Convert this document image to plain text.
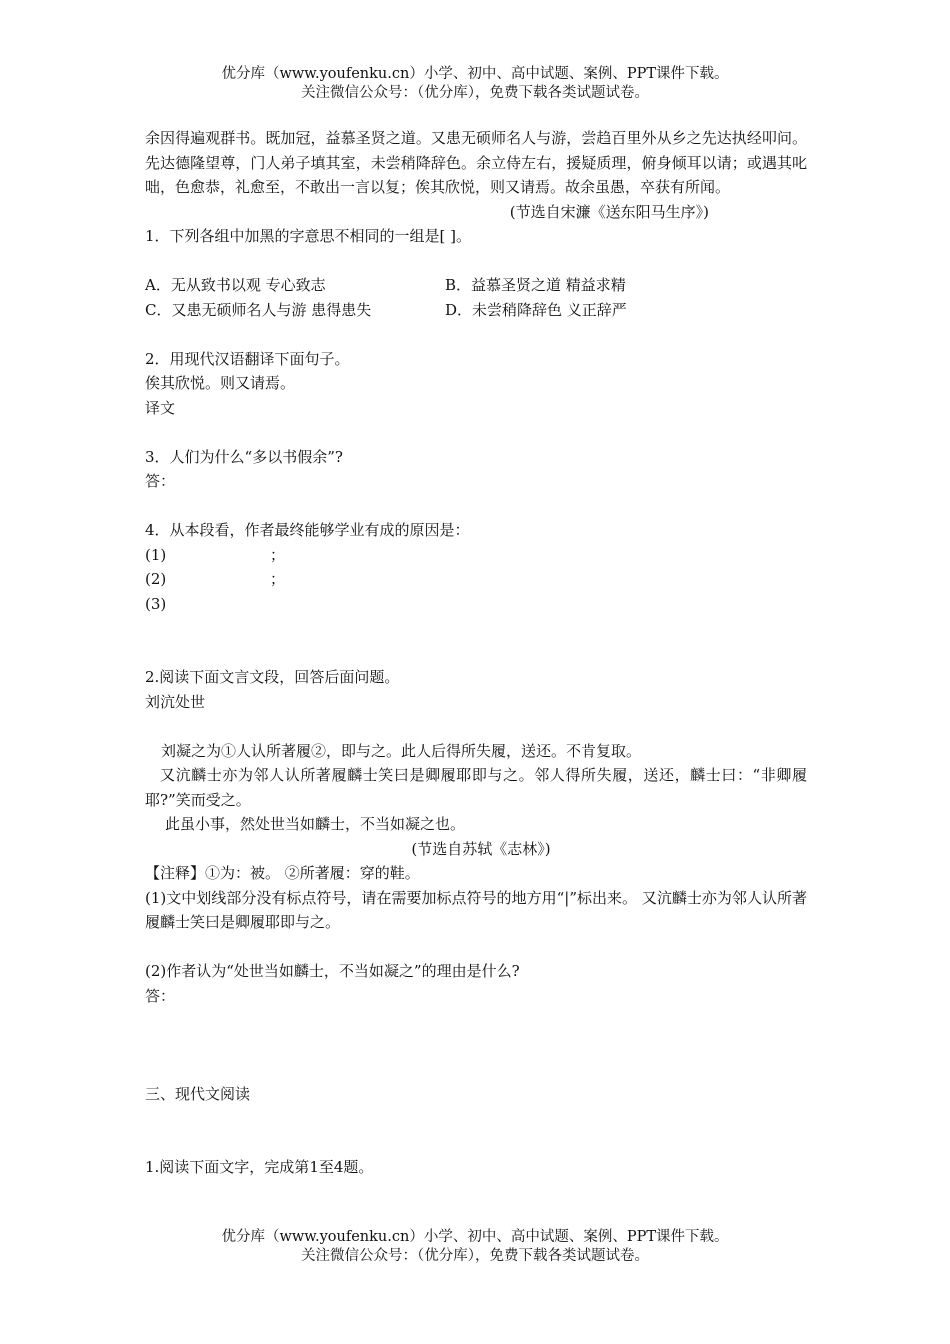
优分库（www.youfenku.cn）小学、初中、高中试题、案例、PPT课件下载。
关注微信公众号：（优分库），免费下载各类试题试卷。

余因得遍观群书。既加冠，益慕圣贤之道。又患无硕师名人与游，尝趋百里外从乡之先达执经叩问。先达德隆望尊，门人弟子填其室，未尝稍降辞色。余立侍左右，援疑质理，俯身倾耳以请；或遇其叱咄，色愈恭，礼愈至，不敢出一言以复；俟其欣悦，则又请焉。故余虽愚，卒获有所闻。

(节选自宋濂《送东阳马生序》)
1．下列各组中加黑的字意思不相同的一组是[ ]。
A．无从致书以观 专心致志	B．益慕圣贤之道 精益求精
C．又患无硕师名人与游 患得患失	D．未尝稍降辞色 义正辞严
2．用现代汉语翻译下面句子。
俟其欣悦。则又请焉。
译文
3．人们为什么“多以书假余”?
答：
4．从本段看，作者最终能够学业有成的原因是：
(1)	；
(2)	；
(3)
2.阅读下面文言文段，回答后面问题。
刘沆处世
刘凝之为①人认所著履②，即与之。此人后得所失履，送还。不肯复取。

又沆麟士亦为邻人认所著履麟士笑曰是卿履耶即与之。邻人得所失履，送还，麟士曰：“非卿履耶?”笑而受之。

此虽小事，然处世当如麟士，不当如凝之也。
(节选自苏轼《志林》)
【注释】①为：被。 ②所著履：穿的鞋。

(1)文中划线部分没有标点符号，请在需要加标点符号的地方用“|”标出来。 又沆麟士亦为邻人认所著履麟士笑曰是卿履耶即与之。

(2)作者认为“处世当如麟士，不当如凝之”的理由是什么?
答：
三、现代文阅读
1.阅读下面文字，完成第1至4题。
优分库（www.youfenku.cn）小学、初中、高中试题、案例、PPT课件下载。
关注微信公众号：（优分库），免费下载各类试题试卷。
